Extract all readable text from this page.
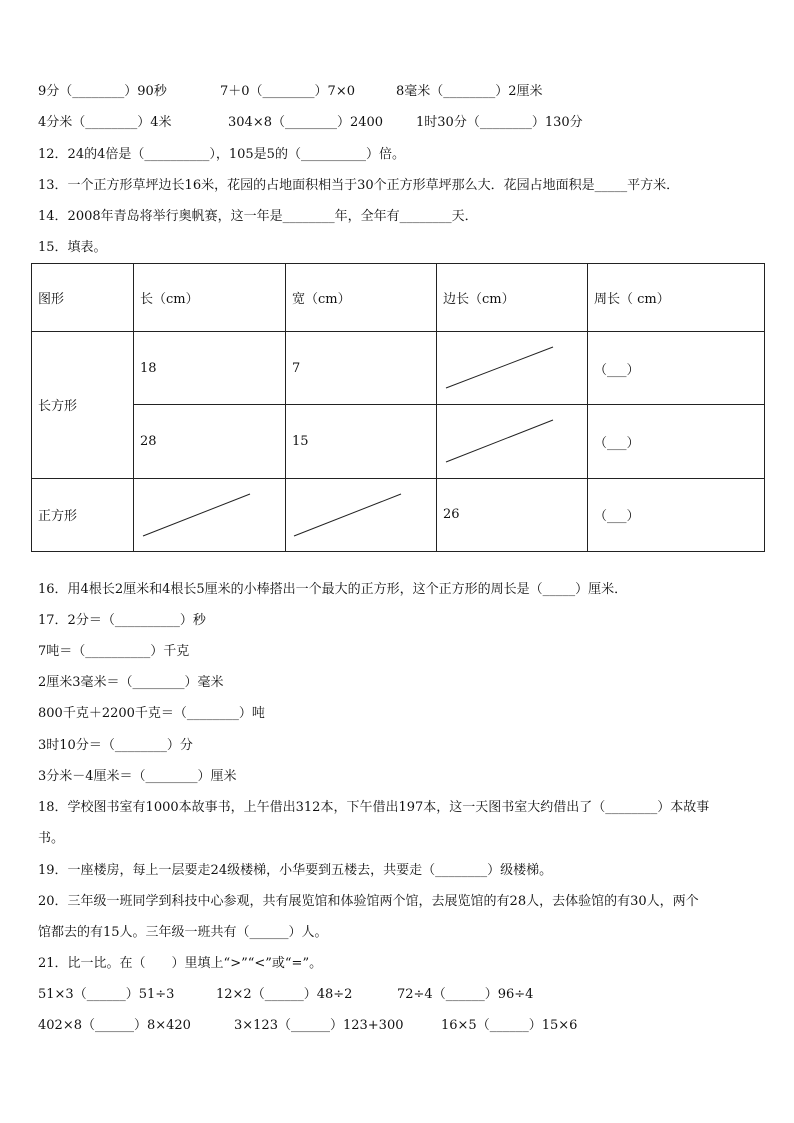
9分（________）90秒	7＋0（________）7×0	8毫米（________）2厘米
4分米（________）4米	304×8（________）2400	1时30分（________）130分
12．24的4倍是（__________），105是5的（__________）倍。
13．一个正方形草坪边长16米，花园的占地面积相当于30个正方形草坪那么大．花园占地面积是_____平方米．
14．2008年青岛将举行奥帆赛，这一年是________年，全年有________天．
15．填表。
图形	长（cm）	宽（cm）	边长（cm）	周长（ cm）
长方形	18	7		（___）
	28	15		（___）
正方形			26	（___）
16．用4根长2厘米和4根长5厘米的小棒搭出一个最大的正方形，这个正方形的周长是（_____）厘米．
17．2分＝（__________）秒
7吨＝（__________）千克
2厘米3毫米＝（________）毫米
800千克＋2200千克＝（________）吨
3时10分＝（________）分
3分米－4厘米＝（________）厘米
18．学校图书室有1000本故事书，上午借出312本，下午借出197本，这一天图书室大约借出了（________）本故事
书。
19．一座楼房，每上一层要走24级楼梯，小华要到五楼去，共要走（________）级楼梯。
20．三年级一班同学到科技中心参观，共有展览馆和体验馆两个馆，去展览馆的有28人，去体验馆的有30人，两个
馆都去的有15人。三年级一班共有（______）人。
21．比一比。在（　　）里填上“>”“<”或“=”。
51×3（______）51÷3	12×2（______）48÷2	72÷4（______）96÷4
402×8（______）8×420	3×123（______）123+300	16×5（______）15×6
